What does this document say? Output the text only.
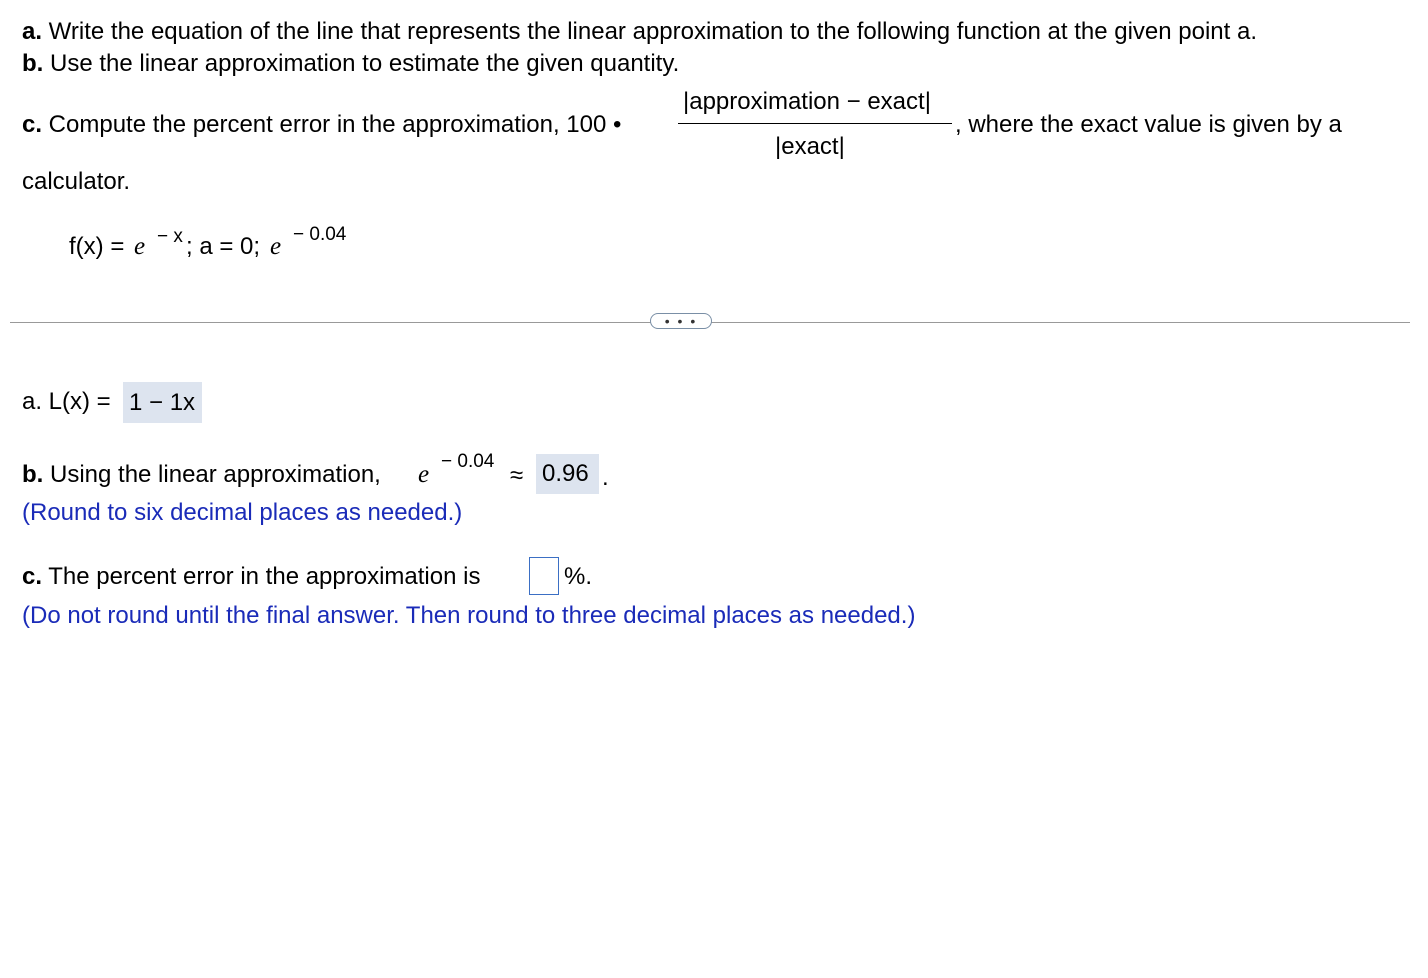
a. Write the equation of the line that represents the linear approximation to the following function at the given point a.
b. Use the linear approximation to estimate the given quantity.
c. Compute the percent error in the approximation, 100 •
|approximation − exact|
|exact|
, where the exact value is given by a
calculator.
f(x) = e − x ; a = 0; e − 0.04
• • •
a. L(x) = 1 − 1x
b. Using the linear approximation, e − 0.04
≈ 0.96 .
(Round to six decimal places as needed.)
c. The percent error in the approximation is	%.
(Do not round until the final answer. Then round to three decimal places as needed.)
